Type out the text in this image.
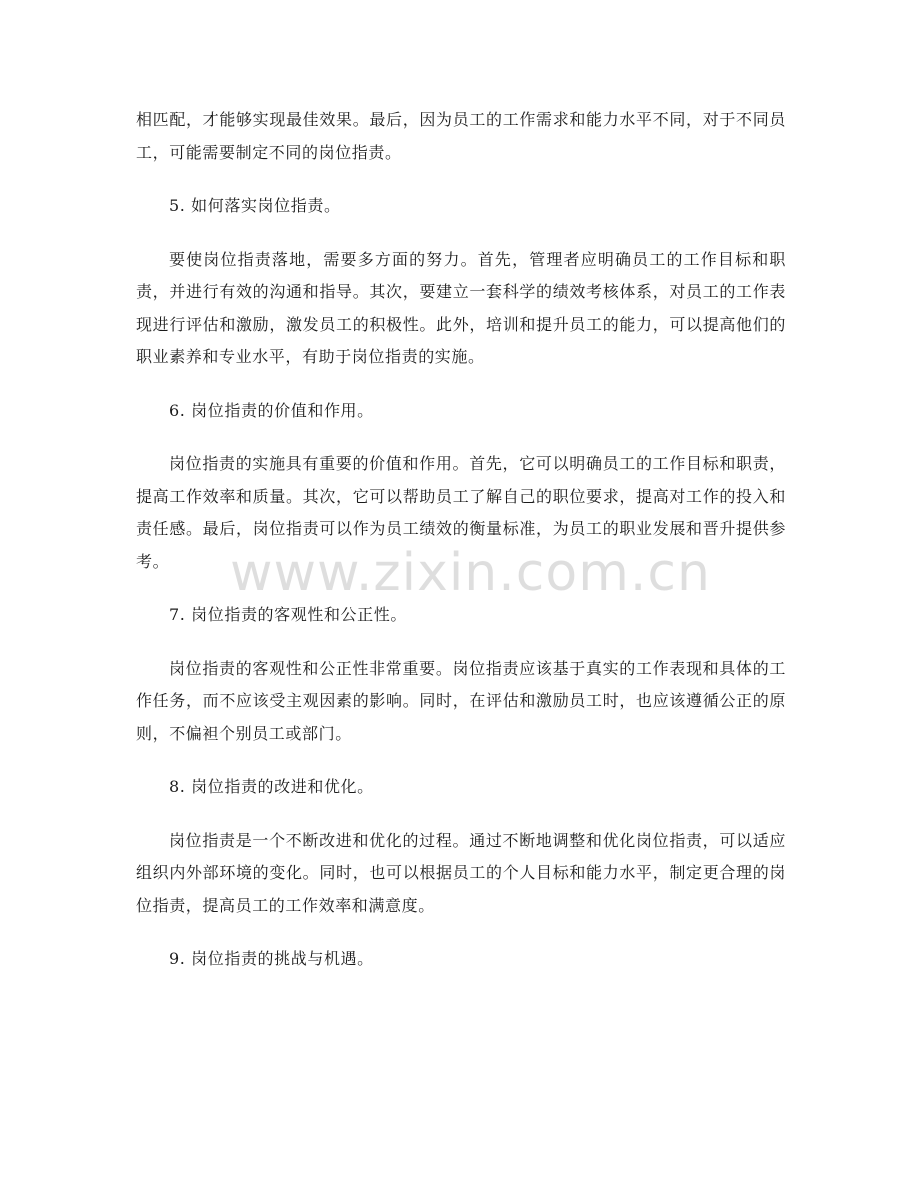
相匹配，才能够实现最佳效果。最后，因为员工的工作需求和能力水平不同，对于不同员工，可能需要制定不同的岗位指责。

5. 如何落实岗位指责。

要使岗位指责落地，需要多方面的努力。首先，管理者应明确员工的工作目标和职责，并进行有效的沟通和指导。其次，要建立一套科学的绩效考核体系，对员工的工作表现进行评估和激励，激发员工的积极性。此外，培训和提升员工的能力，可以提高他们的职业素养和专业水平，有助于岗位指责的实施。

6. 岗位指责的价值和作用。

岗位指责的实施具有重要的价值和作用。首先，它可以明确员工的工作目标和职责，提高工作效率和质量。其次，它可以帮助员工了解自己的职位要求，提高对工作的投入和责任感。最后，岗位指责可以作为员工绩效的衡量标准，为员工的职业发展和晋升提供参考。

7. 岗位指责的客观性和公正性。

岗位指责的客观性和公正性非常重要。岗位指责应该基于真实的工作表现和具体的工作任务，而不应该受主观因素的影响。同时，在评估和激励员工时，也应该遵循公正的原则，不偏袒个别员工或部门。

8. 岗位指责的改进和优化。

岗位指责是一个不断改进和优化的过程。通过不断地调整和优化岗位指责，可以适应组织内外部环境的变化。同时，也可以根据员工的个人目标和能力水平，制定更合理的岗位指责，提高员工的工作效率和满意度。

9. 岗位指责的挑战与机遇。

www.zixin.com.cn
